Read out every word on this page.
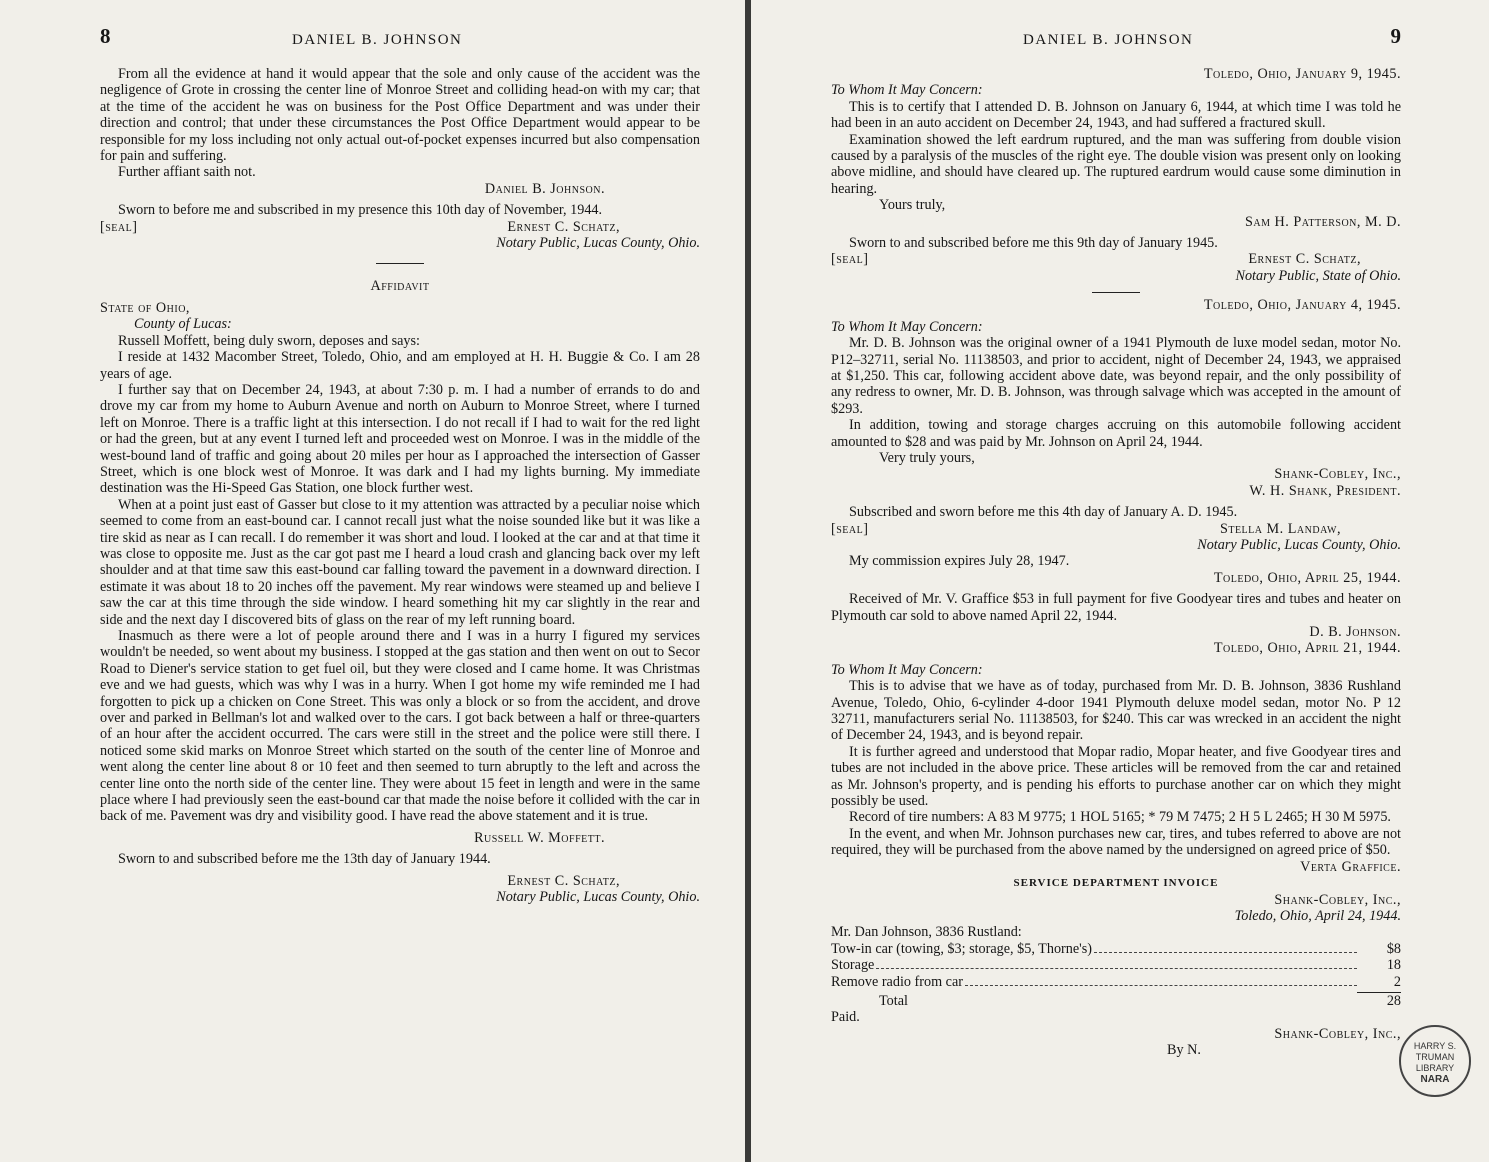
8	DANIEL B. JOHNSON

From all the evidence at hand it would appear that the sole and only cause of the accident was the negligence of Grote in crossing the center line of Monroe Street and colliding head-on with my car; that at the time of the accident he was on business for the Post Office Department and was under their direction and control; that under these circumstances the Post Office Department would appear to be responsible for my loss including not only actual out-of-pocket expenses incurred but also compensation for pain and suffering.

Further affiant saith not.

Daniel B. Johnson.

Sworn to before me and subscribed in my presence this 10th day of November, 1944.

[seal]	Ernest C. Schatz,

Notary Public, Lucas County, Ohio.

Affidavit

State of Ohio,

County of Lucas:

Russell Moffett, being duly sworn, deposes and says:

I reside at 1432 Macomber Street, Toledo, Ohio, and am employed at H. H. Buggie & Co. I am 28 years of age.

I further say that on December 24, 1943, at about 7:30 p. m. I had a number of errands to do and drove my car from my home to Auburn Avenue and north on Auburn to Monroe Street, where I turned left on Monroe. There is a traffic light at this intersection. I do not recall if I had to wait for the red light or had the green, but at any event I turned left and proceeded west on Monroe. I was in the middle of the west-bound land of traffic and going about 20 miles per hour as I approached the intersection of Gasser Street, which is one block west of Monroe. It was dark and I had my lights burning. My immediate destination was the Hi-Speed Gas Station, one block further west.

When at a point just east of Gasser but close to it my attention was attracted by a peculiar noise which seemed to come from an east-bound car. I cannot recall just what the noise sounded like but it was like a tire skid as near as I can recall. I do remember it was short and loud. I looked at the car and at that time it was close to opposite me. Just as the car got past me I heard a loud crash and glancing back over my left shoulder and at that time saw this east-bound car falling toward the pavement in a downward direction. I estimate it was about 18 to 20 inches off the pavement. My rear windows were steamed up and believe I saw the car at this time through the side window. I heard something hit my car slightly in the rear and side and the next day I discovered bits of glass on the rear of my left running board.

Inasmuch as there were a lot of people around there and I was in a hurry I figured my services wouldn't be needed, so went about my business. I stopped at the gas station and then went on out to Secor Road to Diener's service station to get fuel oil, but they were closed and I came home. It was Christmas eve and we had guests, which was why I was in a hurry. When I got home my wife reminded me I had forgotten to pick up a chicken on Cone Street. This was only a block or so from the accident, and drove over and parked in Bellman's lot and walked over to the cars. I got back between a half or three-quarters of an hour after the accident occurred. The cars were still in the street and the police were still there. I noticed some skid marks on Monroe Street which started on the south of the center line of Monroe and went along the center line about 8 or 10 feet and then seemed to turn abruptly to the left and across the center line onto the north side of the center line. They were about 15 feet in length and were in the same place where I had previously seen the east-bound car that made the noise before it collided with the car in back of me. Pavement was dry and visibility good. I have read the above statement and it is true.

Russell W. Moffett.

Sworn to and subscribed before me the 13th day of January 1944.

Ernest C. Schatz,

Notary Public, Lucas County, Ohio.

DANIEL B. JOHNSON	9

Toledo, Ohio, January 9, 1945.

To Whom It May Concern:

This is to certify that I attended D. B. Johnson on January 6, 1944, at which time I was told he had been in an auto accident on December 24, 1943, and had suffered a fractured skull.

Examination showed the left eardrum ruptured, and the man was suffering from double vision caused by a paralysis of the muscles of the right eye. The double vision was present only on looking above midline, and should have cleared up. The ruptured eardrum would cause some diminution in hearing.

Yours truly,

Sam H. Patterson, M. D.

Sworn to and subscribed before me this 9th day of January 1945.

[seal]	Ernest C. Schatz,

Notary Public, State of Ohio.

Toledo, Ohio, January 4, 1945.

To Whom It May Concern:

Mr. D. B. Johnson was the original owner of a 1941 Plymouth de luxe model sedan, motor No. P12–32711, serial No. 11138503, and prior to accident, night of December 24, 1943, we appraised at $1,250. This car, following accident above date, was beyond repair, and the only possibility of any redress to owner, Mr. D. B. Johnson, was through salvage which was accepted in the amount of $293.

In addition, towing and storage charges accruing on this automobile following accident amounted to $28 and was paid by Mr. Johnson on April 24, 1944.

Very truly yours,

Shank-Cobley, Inc.,

W. H. Shank, President.

Subscribed and sworn before me this 4th day of January A. D. 1945.

[seal]	Stella M. Landaw,

Notary Public, Lucas County, Ohio.

My commission expires July 28, 1947.

Toledo, Ohio, April 25, 1944.

Received of Mr. V. Graffice $53 in full payment for five Goodyear tires and tubes and heater on Plymouth car sold to above named April 22, 1944.

D. B. Johnson.

Toledo, Ohio, April 21, 1944.

To Whom It May Concern:

This is to advise that we have as of today, purchased from Mr. D. B. Johnson, 3836 Rushland Avenue, Toledo, Ohio, 6-cylinder 4-door 1941 Plymouth deluxe model sedan, motor No. P 12 32711, manufacturers serial No. 11138503, for $240. This car was wrecked in an accident the night of December 24, 1943, and is beyond repair.

It is further agreed and understood that Mopar radio, Mopar heater, and five Goodyear tires and tubes are not included in the above price. These articles will be removed from the car and retained as Mr. Johnson's property, and is pending his efforts to purchase another car on which they might possibly be used.

Record of tire numbers: A 83 M 9775; 1 HOL 5165; * 79 M 7475; 2 H 5 L 2465; H 30 M 5975.

In the event, and when Mr. Johnson purchases new car, tires, and tubes referred to above are not required, they will be purchased from the above named by the undersigned on agreed price of $50.

Verta Graffice.

SERVICE DEPARTMENT INVOICE

Shank-Cobley, Inc.,

Toledo, Ohio, April 24, 1944.

Mr. Dan Johnson, 3836 Rustland:

Tow-in car (towing, $3; storage, $5, Thorne's)	$8
Storage	18
Remove radio from car	2
Total	28

Paid.

Shank-Cobley, Inc.,

By N.	HARRY S. TRUMAN LIBRARY
NARA
